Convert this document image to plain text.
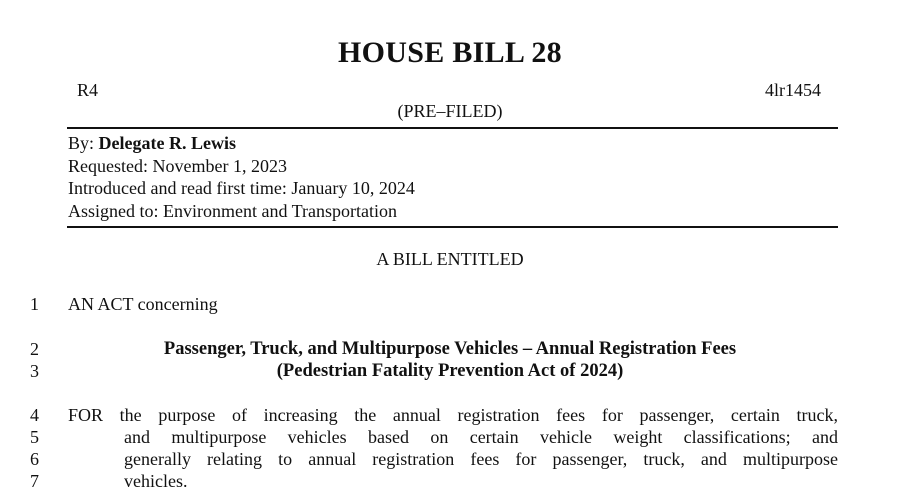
HOUSE BILL 28
R4	4lr1454
(PRE–FILED)
By: Delegate R. Lewis
Requested: November 1, 2023
Introduced and read first time: January 10, 2024
Assigned to: Environment and Transportation
A BILL ENTITLED
1
2
3
4
5
6
7
AN ACT concerning
Passenger, Truck, and Multipurpose Vehicles – Annual Registration Fees
(Pedestrian Fatality Prevention Act of 2024)
FOR the purpose of increasing the annual registration fees for passenger, certain truck,
and multipurpose vehicles based on certain vehicle weight classifications; and
generally relating to annual registration fees for passenger, truck, and multipurpose
vehicles.
